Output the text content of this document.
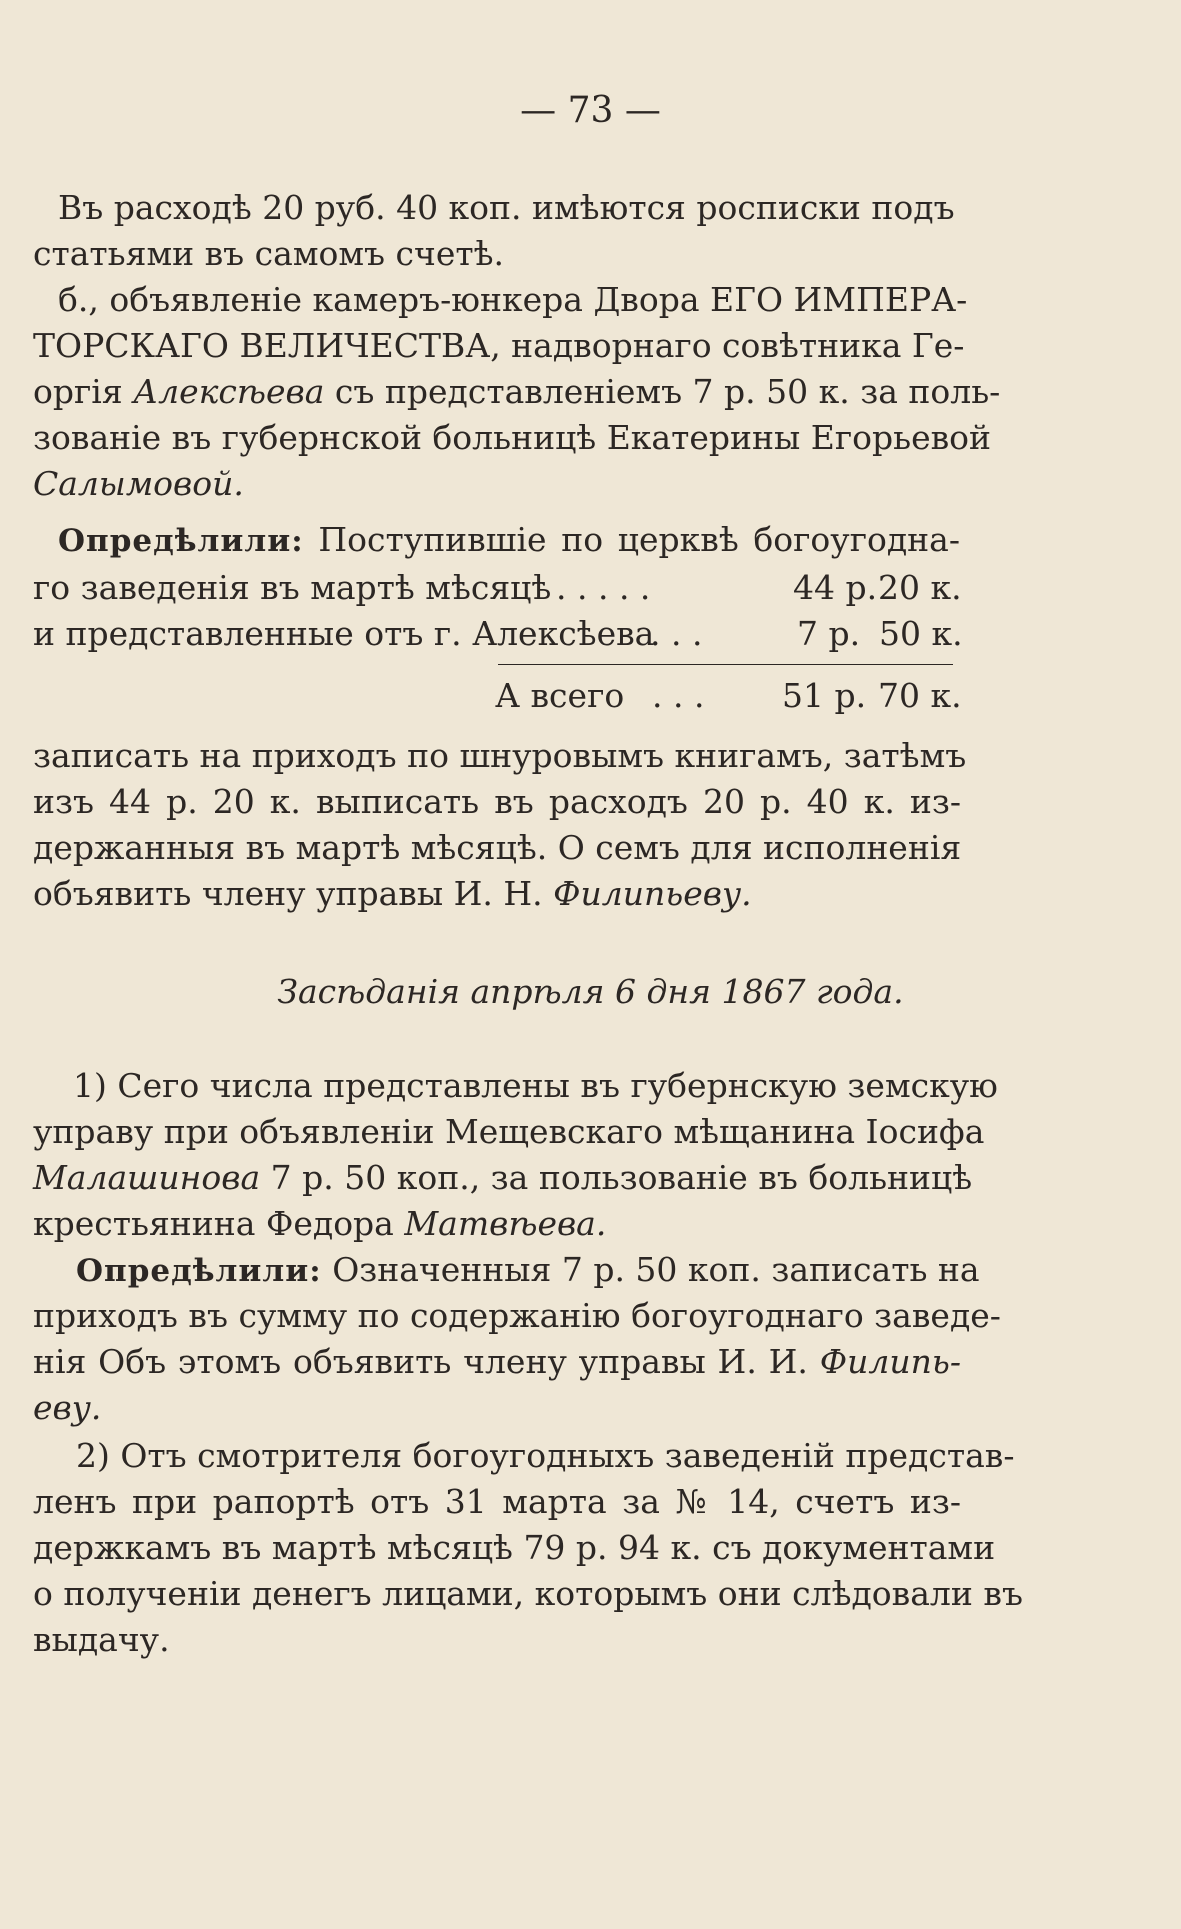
— 73 —
Въ расходѣ 20 руб. 40 коп. имѣются росписки подъ
статьями въ самомъ счетѣ.
б., объявленіе камеръ-юнкера Двора ЕГО ИМПЕРА-
ТОРСКАГО ВЕЛИЧЕСТВА, надворнаго совѣтника Ге-
оргія Алексѣева съ представленіемъ 7 р. 50 к. за поль-
зованіе въ губернской больницѣ Екатерины Егорьевой
Салымовой.
Опредѣлили: Поступившіе по церквѣ богоугодна-
го заведенія въ мартѣ мѣсяцѣ . . . . .	44 р. 20 к.
и представленные отъ г. Алексѣева
. . .	7 р. 50 к.
А всего . . . 51 р. 70 к.
записать на приходъ по шнуровымъ книгамъ, затѣмъ
изъ 44 р. 20 к. выписать въ расходъ 20 р. 40 к. из-
держанныя въ мартѣ мѣсяцѣ. О семъ для исполненія
объявить члену управы И. Н. Филипьеву.
Засѣданія апрѣля 6 дня 1867 года.
1) Сего числа представлены въ губернскую земскую
управу при объявленіи Мещевскаго мѣщанина Іосифа
Малашинова 7 р. 50 коп., за пользованіе въ больницѣ
крестьянина Федора Матвѣева.
Опредѣлили: Означенныя 7 р. 50 коп. записать на
приходъ въ сумму по содержанію богоугоднаго заведе-
нія Объ этомъ объявить члену управы И. И. Филипь-
еву.
2) Отъ смотрителя богоугодныхъ заведеній представ-
ленъ при рапортѣ отъ 31 марта за № 14, счетъ из-
держкамъ въ мартѣ мѣсяцѣ 79 р. 94 к. съ документами
о полученіи денегъ лицами, которымъ они слѣдовали въ
выдачу.
